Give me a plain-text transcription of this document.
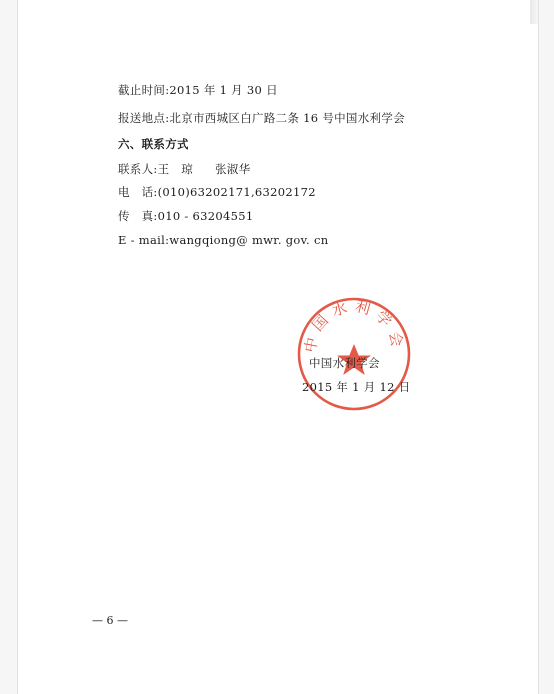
截止时间:2015 年 1 月 30 日
报送地点:北京市西城区白广路二条 16 号中国水利学会
六、联系方式
联系人:王　琼 张淑华
电　话:(010)63202171,63202172
传　真:010 - 63204551
E - mail:wangqiong@ mwr. gov. cn
中国水利学会
中国水利学会
2015 年 1 月 12 日
— 6 —
